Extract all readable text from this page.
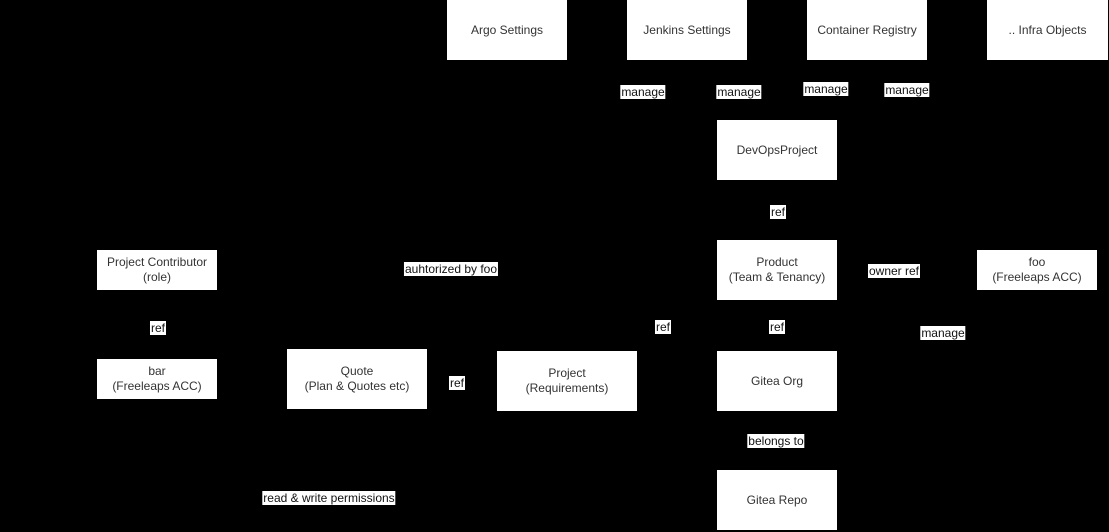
Argo Settings	Jenkins Settings	Container Registry	.. Infra Objects
DevOpsProject
Product
(Team & Tenancy)
foo
(Freeleaps ACC)
Project Contributor
(role)
bar
(Freeleaps ACC)
Quote
(Plan & Quotes etc)
Project
(Requirements)
Gitea Org
Gitea Repo
manage	manage	manage	manage
ref
auhtorized by foo	owner ref
ref	ref	ref	manage
ref
belongs to
read & write permissions
